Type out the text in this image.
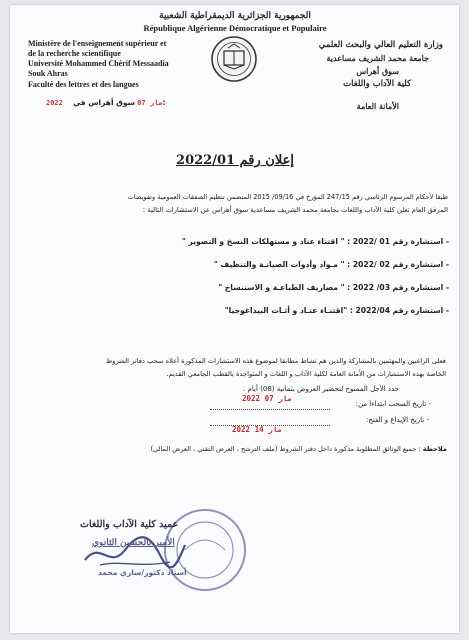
الجمهورية الجزائرية الديمقراطية الشعبية
République Algérienne Démocratique et Populaire
Ministère de l'enseignement supérieur et
de la recherche scientifique
Université Mohammed Chérif Messaadia
Souk Ahras
Faculté des lettres et des langues
وزارة التعليم العالي والبحث العلمي
جامعة محمد الشريف مساعدية
سوق أهراس
كلية الآداب واللغات
2022 مار 07 سوق أهراس في:	الأمانة العامة
إعلان رقم 2022/01
طبقا لأحكام المرسوم الرئاسي رقم 247/15 المؤرخ في 09/16/ 2015 المتضمن تنظيم الصفقات العمومية وتفويضات
المرفق العام تعلن كلية الآداب واللغات بجامعة محمد الشريف مساعدية سوق أهراس عن الاستشارات التالية :
- استشارة رقم 01 /2022 : " اقتناء عتاد و مستهلكات النسخ و التصوير "
- استشارة رقم 02 /2022 : " مـواد وأدوات الصيانـة والتنظيف "
- استشارة رقم 03/ 2022 : " مصاريف الطباعـة و الاستنساخ "
- استشارة رقم 2022/04 : "اقتنـاء عتـاد و أثـاث البيداغوجيا"
فعلى الراغبين والمهتمين بالمشاركة والذين هم نشاط مطابقا لموضوع هذه الاستشارات المذكورة أعلاه سحب دفاتر الشروط
الخاصة بهذه الاستشارات من الأمانة العامة لكلية الآداب و اللغات و المتواجدة بالقطب الجامعي القديم.
حدد الأجل الممنوح لتحضير العروض بثمانية (08) أيام .
- تاريخ السحب ابتداءا من:
2022 مار 07
- تاريخ الإيداع و الفتح:
2022 مار 14
ملاحظة : جميع الوثائق المطلوبة مذكورة داخل دفتر الشروط (ملف الترشح ، العرض التقني ، العرض المالي)
عميد كلية الآداب واللغات
الأمير بالحسين الثانوي
أستاذ دكتور/ساري محمد
